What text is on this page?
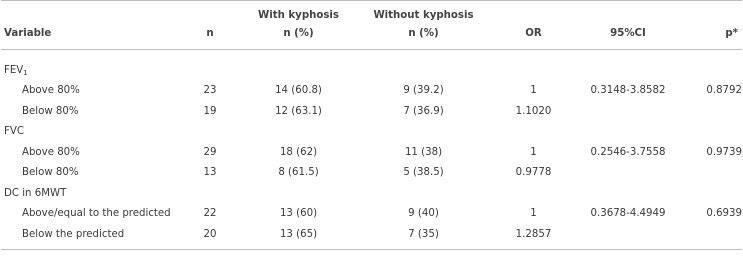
		With kyphosis	Without kyphosis			
Variable	n	n (%)	n (%)	OR	95%CI	p*

$FEV_1$	
Above 80%	23	14 (60.8)	9 (39.2)	1	0.3148-3.8582	0.8792
Below 80%	19	12 (63.1)	7 (36.9)	1.1020		
FVC						
Above 80%	29	18 (62)	11 (38)	1	0.2546-3.7558	0.9739
Below 80%	13	8 (61.5)	5 (38.5)	0.9778		
DC in 6MWT						
Above/equal to the predicted	22	13 (60)	9 (40)	1	0.3678-4.4949	0.6939
Below the predicted	20	13 (65)	7 (35)	1.2857		
